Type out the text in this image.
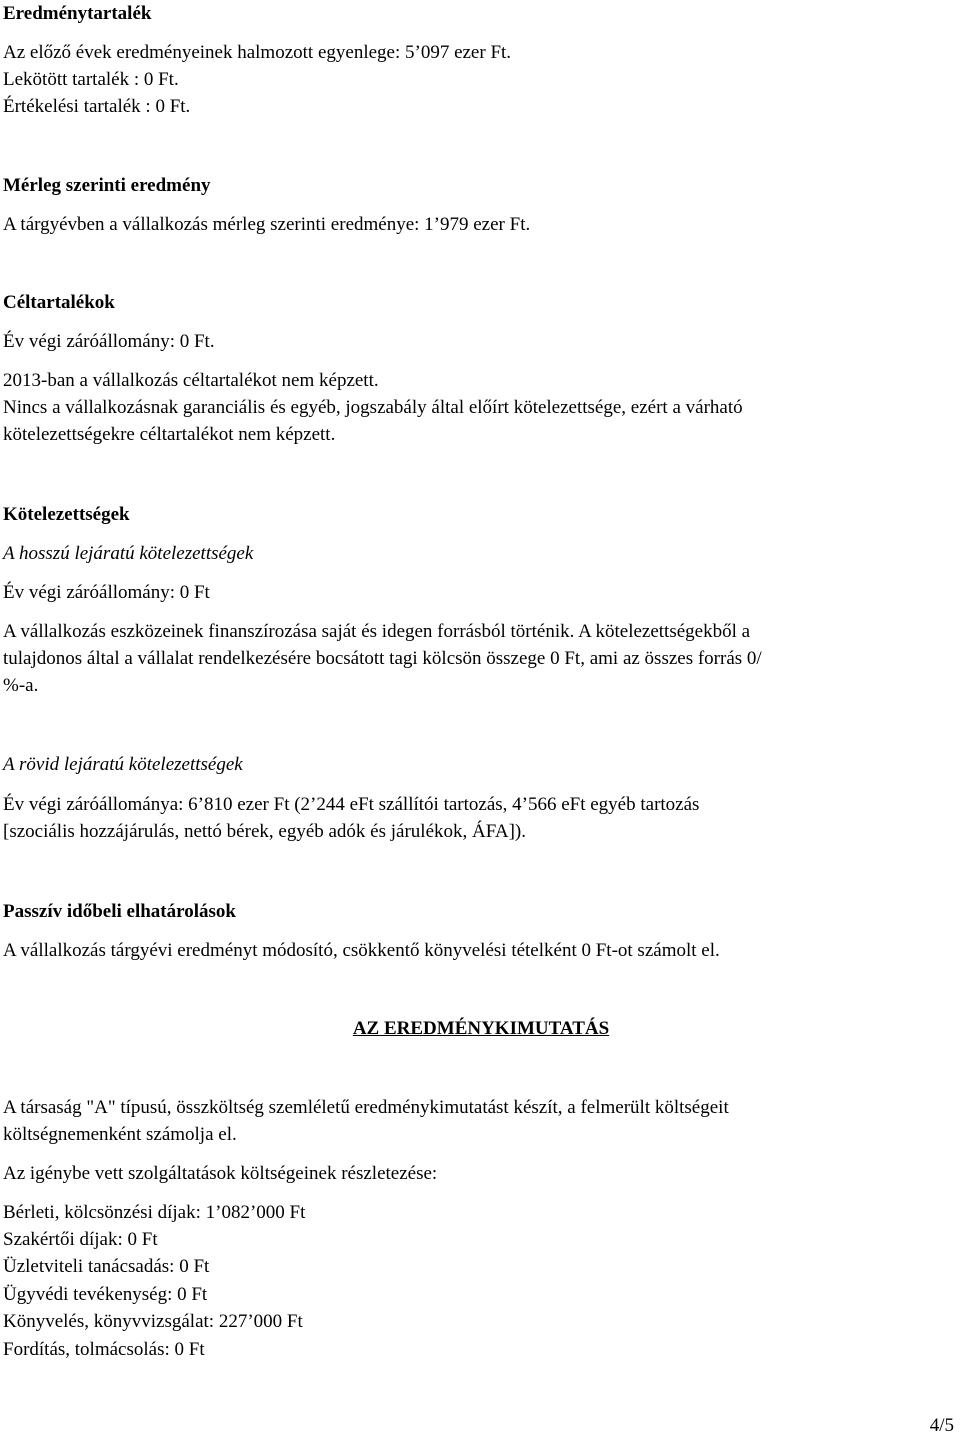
Eredménytartalék
Az előző évek eredményeinek halmozott egyenlege: 5’097 ezer Ft.
Lekötött tartalék : 0 Ft.
Értékelési tartalék : 0 Ft.
Mérleg szerinti eredmény
A tárgyévben a vállalkozás mérleg szerinti eredménye: 1’979 ezer Ft.
Céltartalékok
Év végi záróállomány: 0 Ft.
2013-ban a vállalkozás céltartalékot nem képzett.
Nincs a vállalkozásnak garanciális és egyéb, jogszabály által előírt kötelezettsége, ezért a várható
kötelezettségekre céltartalékot nem képzett.
Kötelezettségek
A hosszú lejáratú kötelezettségek
Év végi záróállomány: 0 Ft
A vállalkozás eszközeinek finanszírozása saját és idegen forrásból történik. A kötelezettségekből a
tulajdonos által a vállalat rendelkezésére bocsátott tagi kölcsön összege 0 Ft, ami az összes forrás 0/
%-a.
A rövid lejáratú kötelezettségek
Év végi záróállománya: 6’810 ezer Ft (2’244 eFt szállítói tartozás, 4’566 eFt egyéb tartozás
[szociális hozzájárulás, nettó bérek, egyéb adók és járulékok, ÁFA]).
Passzív időbeli elhatárolások
A vállalkozás tárgyévi eredményt módosító, csökkentő könyvelési tételként 0 Ft-ot számolt el.
AZ EREDMÉNYKIMUTATÁS
A társaság "A" típusú, összköltség szemléletű eredménykimutatást készít, a felmerült költségeit
költségnemenként számolja el.
Az igénybe vett szolgáltatások költségeinek részletezése:
Bérleti, kölcsönzési díjak: 1’082’000 Ft
Szakértői díjak: 0 Ft
Üzletviteli tanácsadás: 0 Ft
Ügyvédi tevékenység: 0 Ft
Könyvelés, könyvvizsgálat: 227’000 Ft
Fordítás, tolmácsolás: 0 Ft
4/5
